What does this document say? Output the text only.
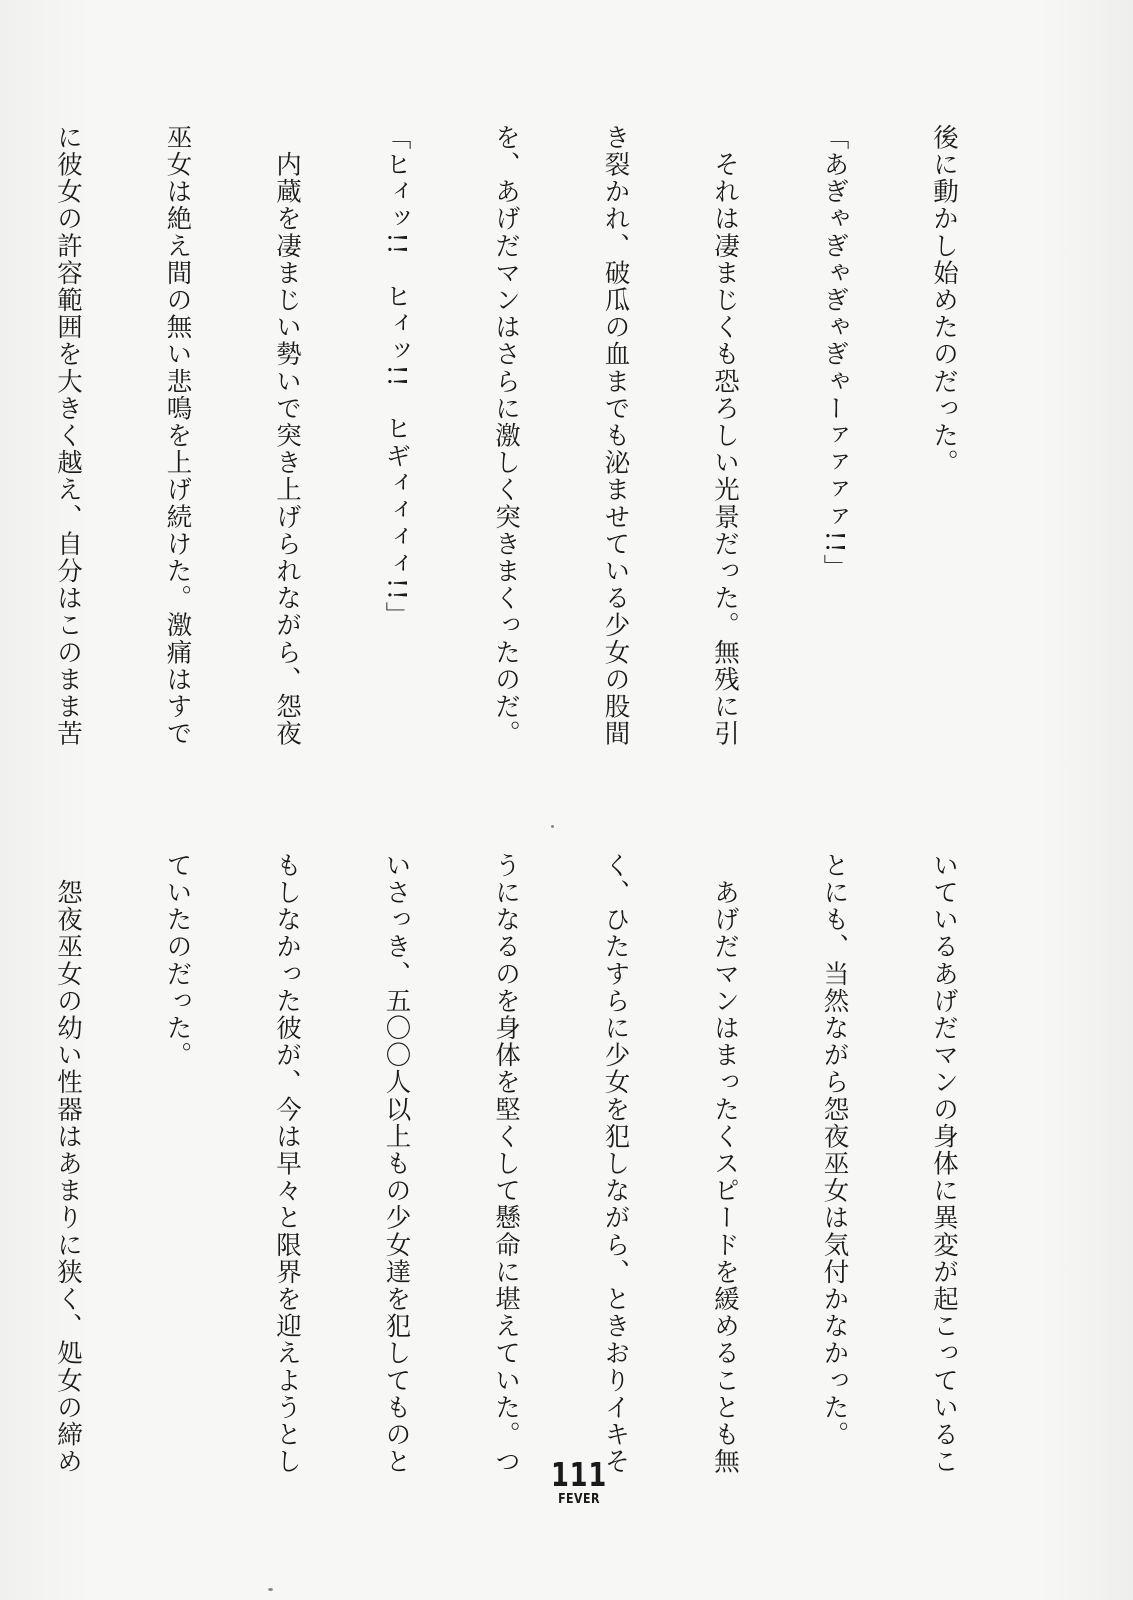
後に動かし始めたのだった。

「あぎゃぎゃぎゃぎゃーァァァァ!!」

　それは凄まじくも恐ろしい光景だった。無残に引

き裂かれ、破瓜の血までも泌ませている少女の股間

を、あげだマンはさらに激しく突きまくったのだ。

「ヒィッ!!　ヒィッ!!　ヒギィィィィ!!」

　内蔵を凄まじい勢いで突き上げられながら、怨夜

巫女は絶え間の無い悲鳴を上げ続けた。激痛はすで

に彼女の許容範囲を大きく越え、自分はこのまま苦

いているあげだマンの身体に異変が起こっているこ

とにも、当然ながら怨夜巫女は気付かなかった。

　あげだマンはまったくスピードを緩めることも無

く、ひたすらに少女を犯しながら、ときおりイキそ

うになるのを身体を堅くして懸命に堪えていた。つ

いさっき、五〇〇人以上もの少女達を犯してものと

もしなかった彼が、今は早々と限界を迎えようとし

ていたのだった。

　怨夜巫女の幼い性器はあまりに狭く、処女の締め

	111
FEVER
